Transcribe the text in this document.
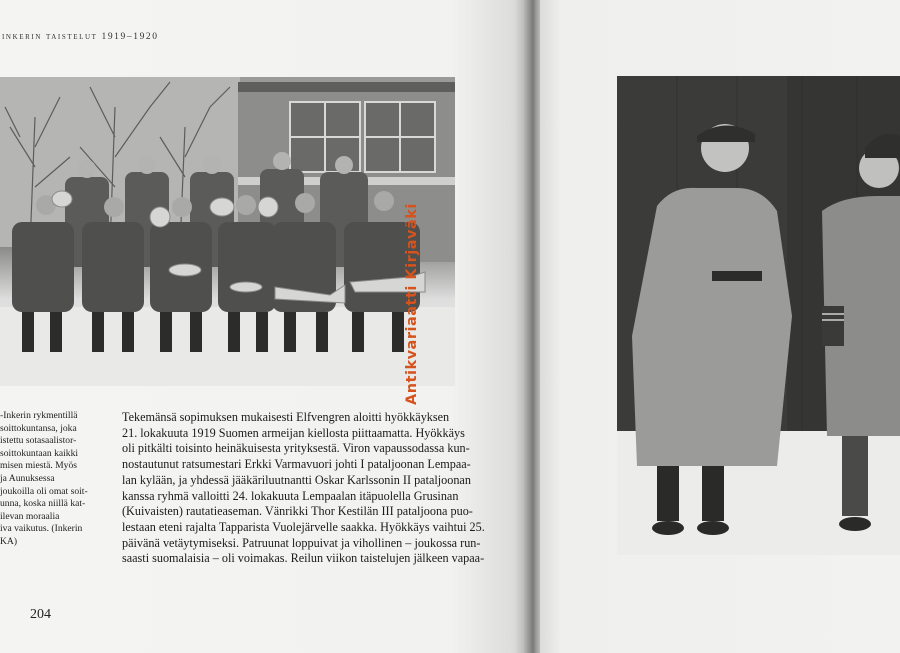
inkerin taistelut 1919–1920
-Inkerin rykmentillä
soittokuntansa, joka
istettu sotasaalistor-
soittokuntaan kaikki
misen miestä. Myös
ja Aunuksessa
joukoilla oli omat soit-
unna, koska niillä kat-
ilevan moraalia
iva vaikutus. (Inkerin
KA)
Tekemänsä sopimuksen mukaisesti Elfvengren aloitti hyökkäyksen
21. lokakuuta 1919 Suomen armeijan kiellosta piittaamatta. Hyökkäys
oli pitkälti toisinto heinäkuisesta yrityksestä. Viron vapaussodassa kun-
nostautunut ratsumestari Erkki Varmavuori johti I pataljoonan Lempaa-
lan kylään, ja yhdessä jääkäriluutnantti Oskar Karlssonin II pataljoonan
kanssa ryhmä valloitti 24. lokakuuta Lempaalan itäpuolella Grusinan
(Kuivaisten) rautatieaseman. Vänrikki Thor Kestilän III pataljoona puo-
lestaan eteni rajalta Tapparista Vuolejärvelle saakka. Hyökkäys vaihtui 25.
päivänä vetäytymiseksi. Patruunat loppuivat ja vihollinen – joukossa run-
saasti suomalaisia – oli voimakas. Reilun viikon taistelujen jälkeen vapaa-
204
Antikvariaatti Kirjaväki
